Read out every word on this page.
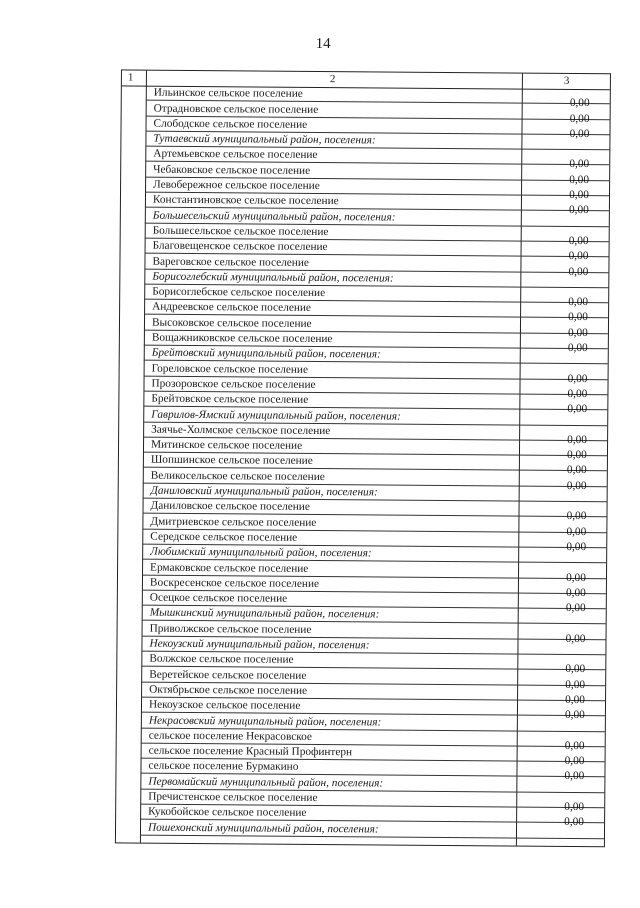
14
1	2	3
Ильинское сельское поселение
0,00
Отрадновское сельское поселение
0,00
Слободское сельское поселение
0,00
Тутаевский муниципальный район, поселения:
Артемьевское сельское поселение
0,00
Чебаковское сельское поселение
0,00
Левобережное сельское поселение
0,00
Константиновское сельское поселение
0,00
Большесельский муниципальный район, поселения:
Большесельское сельское поселение
0,00
Благовещенское сельское поселение
0,00
Вареговское сельское поселение
0,00
Борисоглебский муниципальный район, поселения:
Борисоглебское сельское поселение
0,00
Андреевское сельское поселение
0,00
Высоковское сельское поселение
0,00
Вощажниковское сельское поселение
0,00
Брейтовский муниципальный район, поселения:
Гореловское сельское поселение
0,00
Прозоровское сельское поселение
0,00
Брейтовское сельское поселение
0,00
Гаврилов-Ямский муниципальный район, поселения:
Заячье-Холмское сельское поселение
0,00
Митинское сельское поселение
0,00
Шопшинское сельское поселение
0,00
Великосельское сельское поселение
0,00
Даниловский муниципальный район, поселения:
Даниловское сельское поселение
0,00
Дмитриевское сельское поселение
0,00
Середское сельское поселение
0,00
Любимский муниципальный район, поселения:
Ермаковское сельское поселение
0,00
Воскресенское сельское поселение
0,00
Осецкое сельское поселение
0,00
Мышкинский муниципальный район, поселения:
Приволжское сельское поселение
0,00
Некоузский муниципальный район, поселения:
Волжское сельское поселение
0,00
Веретейское сельское поселение
0,00
Октябрьское сельское поселение
0,00
Некоузское сельское поселение
0,00
Некрасовский муниципальный район, поселения:
сельское поселение Некрасовское
0,00
сельское поселение Красный Профинтерн
0,00
сельское поселение Бурмакино
0,00
Первомайский муниципальный район, поселения:
Пречистенское сельское поселение
0,00
Кукобойское сельское поселение
0,00
Пошехонский муниципальный район, поселения:
